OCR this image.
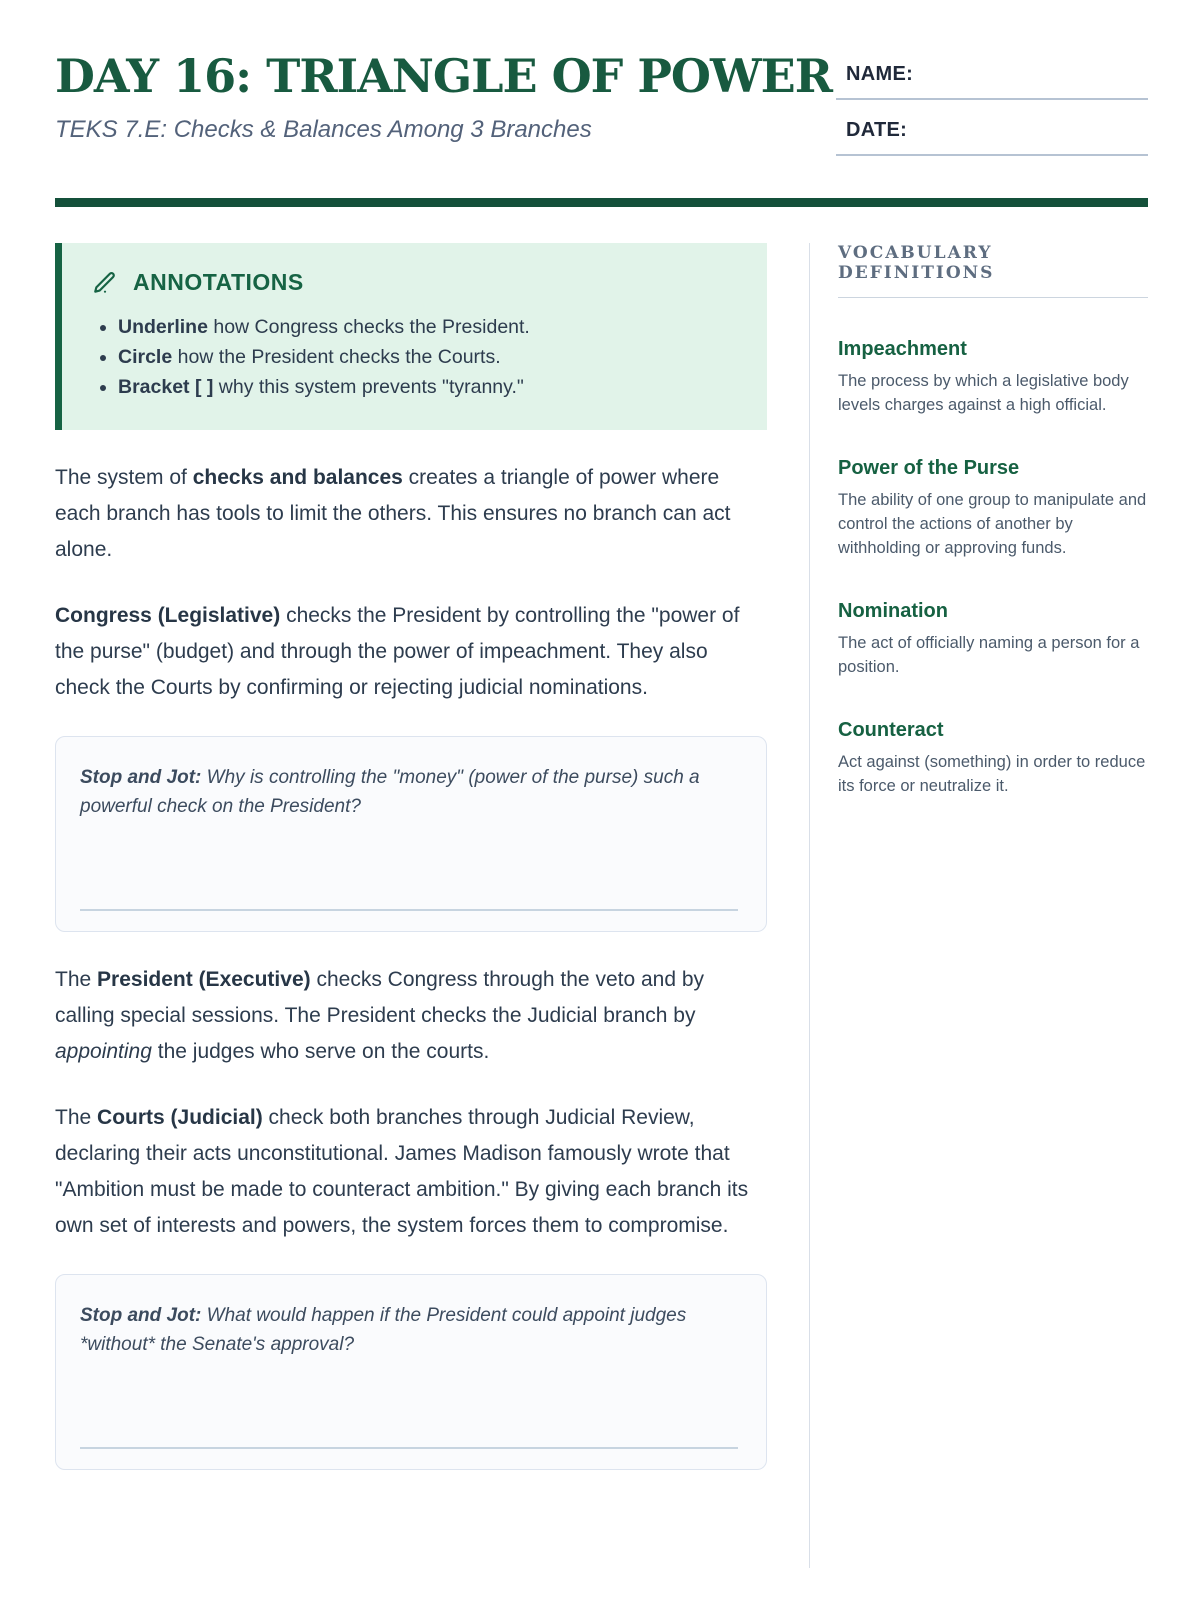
DAY 16: TRIANGLE OF POWER
TEKS 7.E: Checks & Balances Among 3 Branches
NAME:
DATE:
ANNOTATIONS
• Underline how Congress checks the President.
• Circle how the President checks the Courts.
• Bracket [ ] why this system prevents "tyranny."

The system of checks and balances creates a triangle of power where each branch has tools to limit the others. This ensures no branch can act alone.

Congress (Legislative) checks the President by controlling the "power of the purse" (budget) and through the power of impeachment. They also check the Courts by confirming or rejecting judicial nominations.

Stop and Jot: Why is controlling the "money" (power of the purse) such a powerful check on the President?

The President (Executive) checks Congress through the veto and by calling special sessions. The President checks the Judicial branch by appointing the judges who serve on the courts.

The Courts (Judicial) check both branches through Judicial Review, declaring their acts unconstitutional. James Madison famously wrote that "Ambition must be made to counteract ambition." By giving each branch its own set of interests and powers, the system forces them to compromise.

Stop and Jot: What would happen if the President could appoint judges *without* the Senate's approval?
VOCABULARY DEFINITIONS
Impeachment
The process by which a legislative body levels charges against a high official.
Power of the Purse
The ability of one group to manipulate and control the actions of another by withholding or approving funds.
Nomination
The act of officially naming a person for a position.
Counteract
Act against (something) in order to reduce its force or neutralize it.
